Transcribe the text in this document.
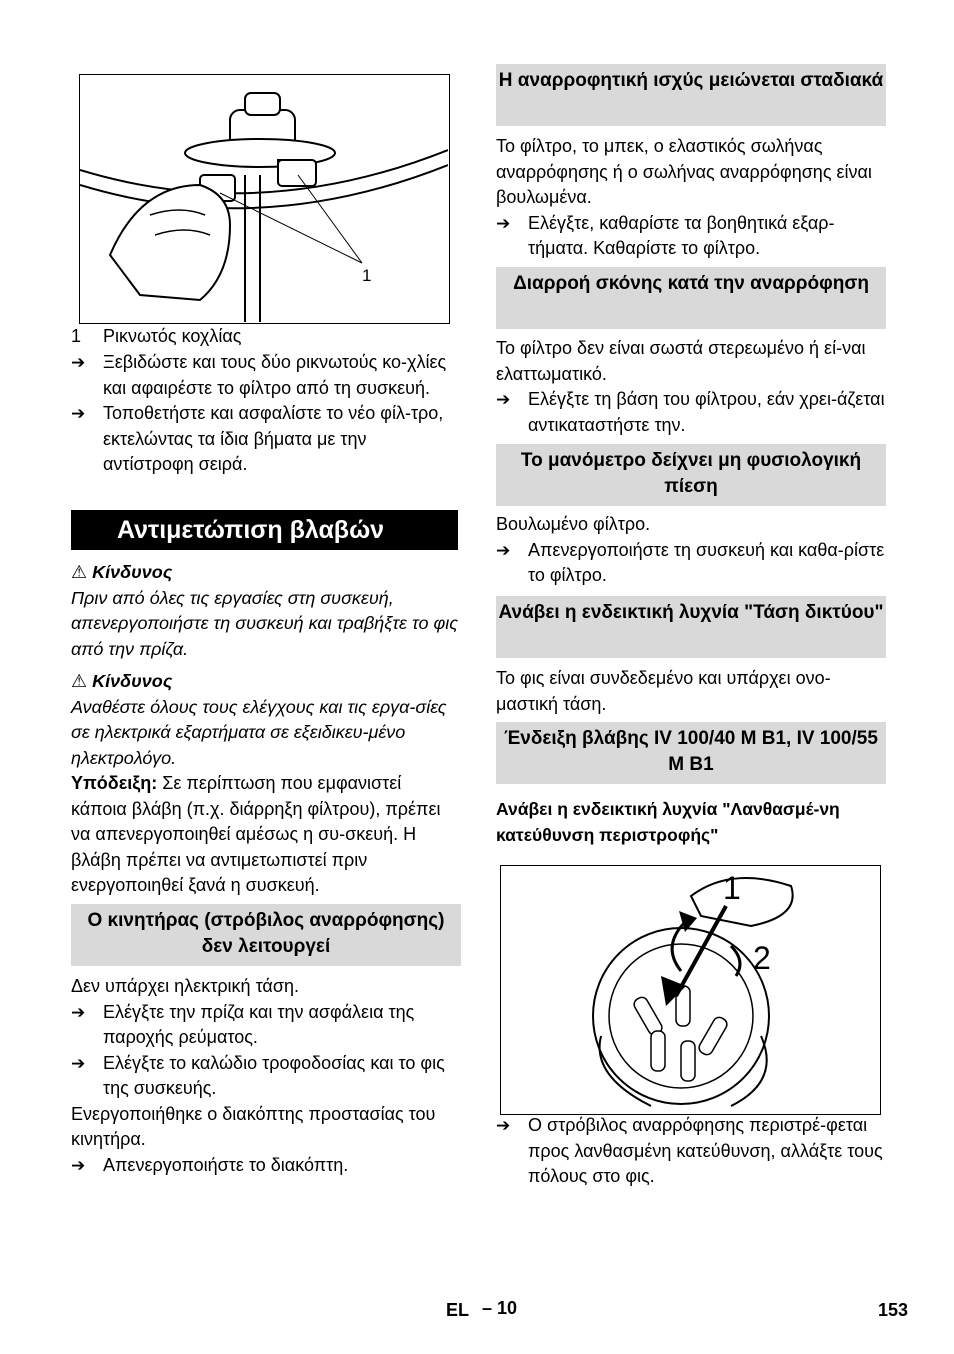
1
1 Ρικνωτός κοχλίας
➔ Ξεβιδώστε και τους δύο ρικνωτούς κο-χλίες και αφαιρέστε το φίλτρο από τη συσκευή.

➔ Τοποθετήστε και ασφαλίστε το νέο φίλ-τρο, εκτελώντας τα ίδια βήματα με την αντίστροφη σειρά.

Αντιμετώπιση βλαβών

⚠ Κίνδυνος

Πριν από όλες τις εργασίες στη συσκευή, απενεργοποιήστε τη συσκευή και τραβήξτε το φις από την πρίζα.

⚠ Κίνδυνος

Αναθέστε όλους τους ελέγχους και τις εργα-σίες σε ηλεκτρικά εξαρτήματα σε εξειδικευ-μένο ηλεκτρολόγο.

Υπόδειξη: Σε περίπτωση που εμφανιστεί κάποια βλάβη (π.χ. διάρρηξη φίλτρου), πρέπει να απενεργοποιηθεί αμέσως η συ-σκευή. Η βλάβη πρέπει να αντιμετωπιστεί πριν ενεργοποιηθεί ξανά η συσκευή.

Ο κινητήρας (στρόβιλος αναρρόφησης) δεν λειτουργεί

Δεν υπάρχει ηλεκτρική τάση.

➔ Ελέγξτε την πρίζα και την ασφάλεια της παροχής ρεύματος.

➔ Ελέγξτε το καλώδιο τροφοδοσίας και το φις της συσκευής.

Ενεργοποιήθηκε ο διακόπτης προστασίας του κινητήρα.

➔ Απενεργοποιήστε το διακόπτη.

Η αναρροφητική ισχύς μειώνεται σταδιακά

Το φίλτρο, το μπεκ, ο ελαστικός σωλήνας αναρρόφησης ή ο σωλήνας αναρρόφησης είναι βουλωμένα.

➔ Ελέγξτε, καθαρίστε τα βοηθητικά εξαρ-τήματα. Καθαρίστε το φίλτρο.

Διαρροή σκόνης κατά την αναρρόφηση

Το φίλτρο δεν είναι σωστά στερεωμένο ή εί-ναι ελαττωματικό.

➔ Ελέγξτε τη βάση του φίλτρου, εάν χρει-άζεται αντικαταστήστε την.

Το μανόμετρο δείχνει μη φυσιολογική πίεση

Βουλωμένο φίλτρο.

➔ Απενεργοποιήστε τη συσκευή και καθα-ρίστε το φίλτρο.

Ανάβει η ενδεικτική λυχνία "Τάση δικτύου"

Το φις είναι συνδεδεμένο και υπάρχει ονο-μαστική τάση.

Ένδειξη βλάβης IV 100/40 M B1, IV 100/55 M B1
Ανάβει η ενδεικτική λυχνία "Λανθασμέ-νη κατεύθυνση περιστροφής"
1
2
➔ Ο στρόβιλος αναρρόφησης περιστρέ-φεται προς λανθασμένη κατεύθυνση, αλλάξτε τους πόλους στο φις.

EL – 10	153
